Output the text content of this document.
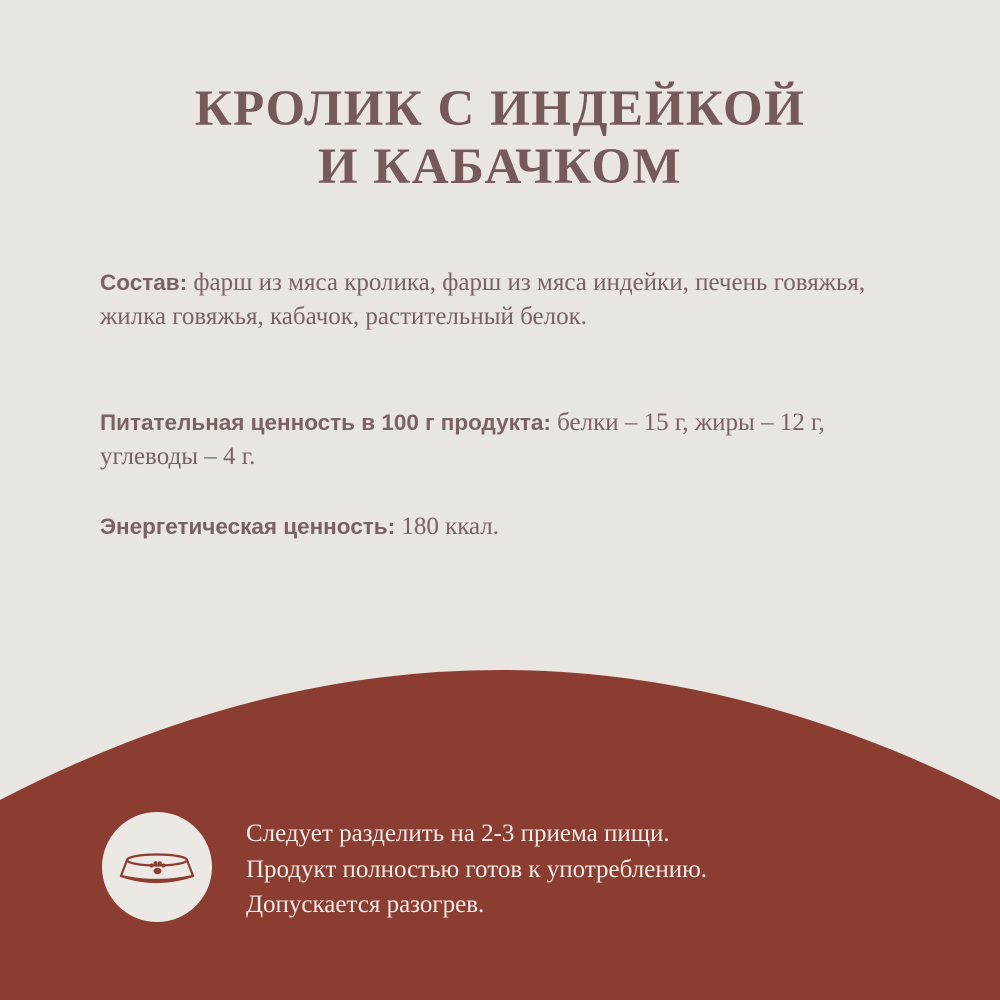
КРОЛИК С ИНДЕЙКОЙ
И КАБАЧКОМ

Состав: фарш из мяса кролика, фарш из мяса индейки, печень говяжья, жилка говяжья, кабачок, растительный белок.

Питательная ценность в 100 г продукта: белки – 15 г, жиры – 12 г, углеводы – 4 г.

Энергетическая ценность: 180 ккал.

Следует разделить на 2-3 приема пищи.
Продукт полностью готов к употреблению.
Допускается разогрев.
